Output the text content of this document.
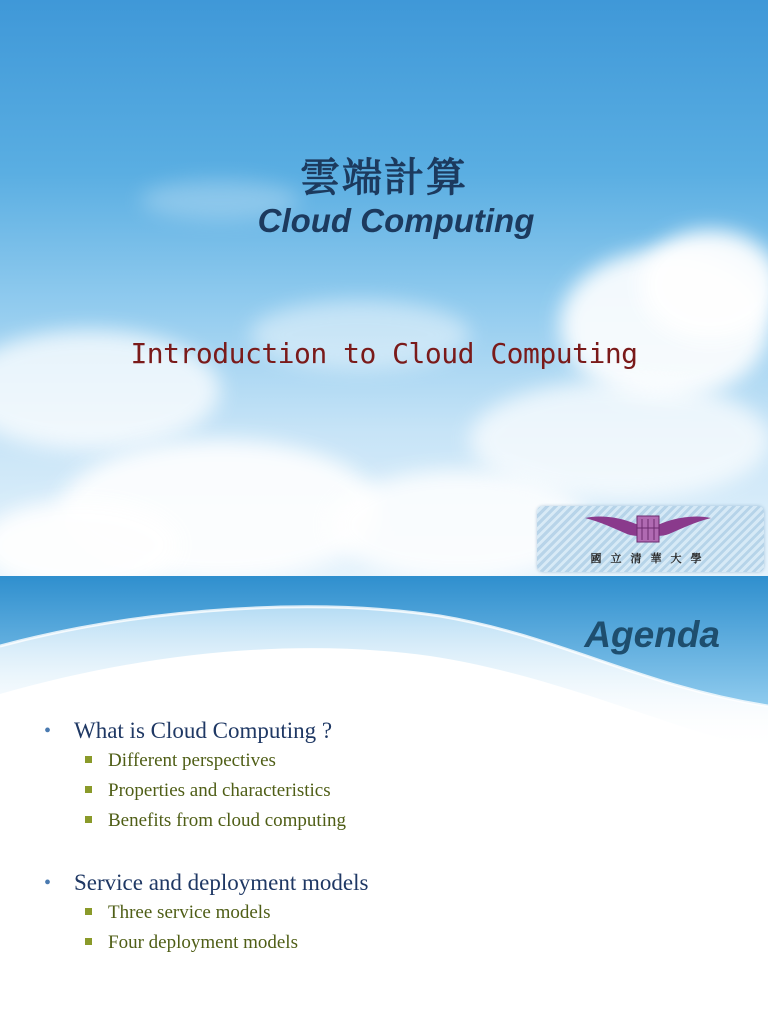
雲端計算
Cloud Computing
Introduction to Cloud Computing
國立清華大學
Agenda
• What is Cloud Computing ?
Different perspectives
Properties and characteristics
Benefits from cloud computing
• Service and deployment models
Three service models
Four deployment models
